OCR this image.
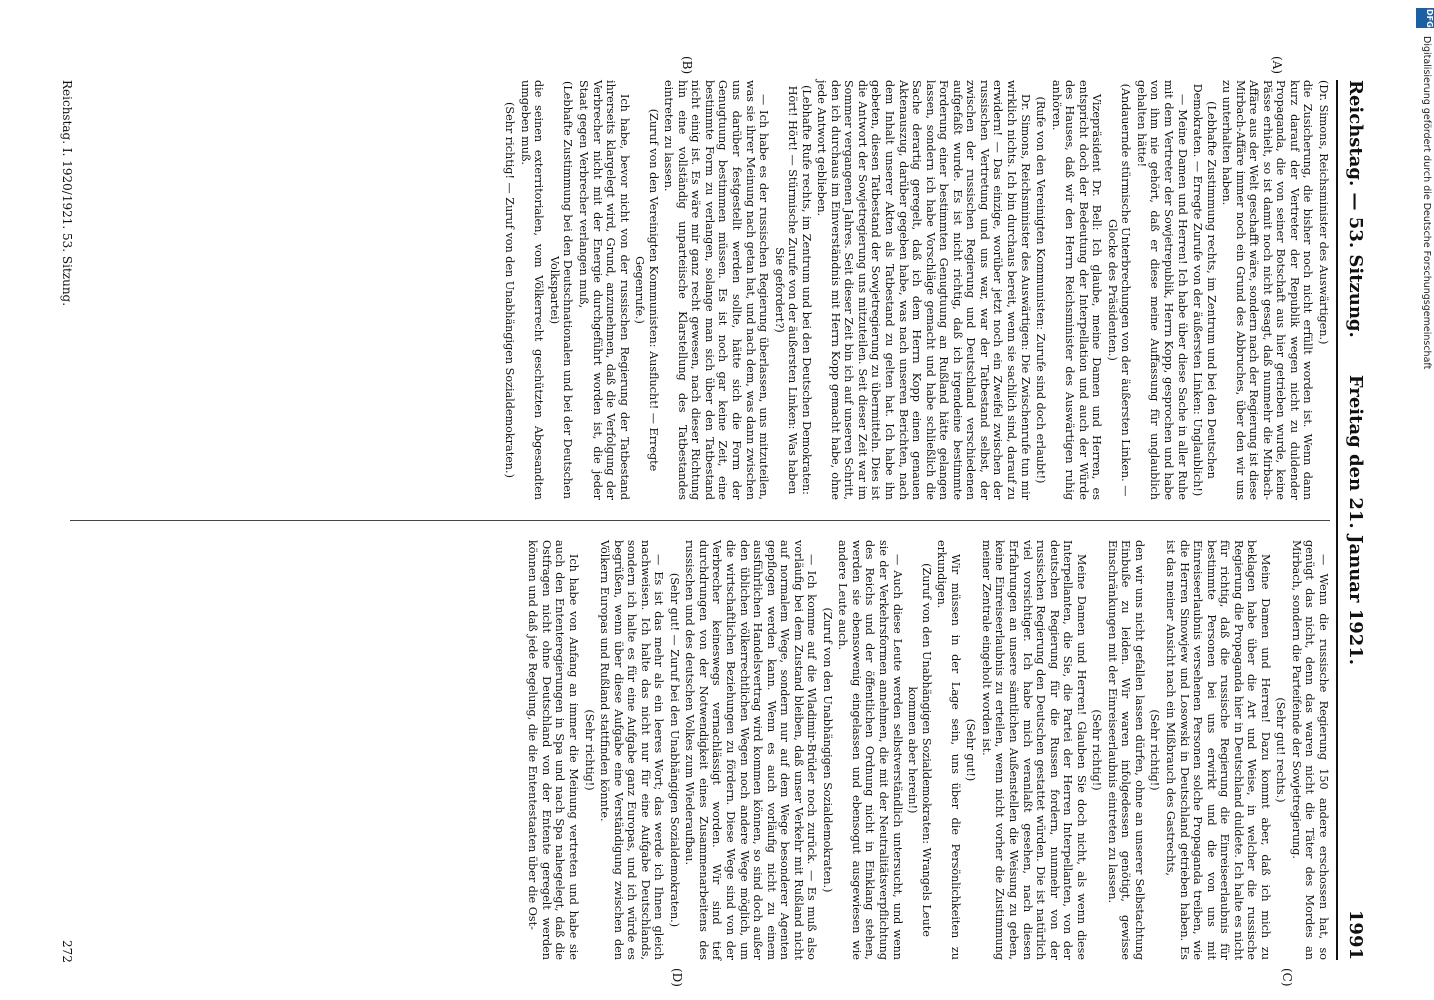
Reichstag. — 53. Sitzung.
Freitag den 21. Januar 1921.
1991
(A)
(B)
(C)
(D)

(Dr. Simons, Reichsminister des Auswärtigen.)

die Zusicherung, die bisher noch nicht erfüllt worden ist. Wenn dann kurz darauf der Vertreter der Republik wegen nicht zu duldender Propaganda, die von seiner Botschaft aus hier getrieben wurde, keine Pässe erhielt, so ist damit noch nicht gesagt, daß nunmehr die Mirbach-Affäre aus der Welt geschafft wäre, sondern nach der Regierung ist diese Mirbach-Affäre immer noch ein Grund des Abbruches, über den wir uns zu unterhalten haben.

(Lebhafte Zustimmung rechts, im Zentrum und bei den Deutschen Demokraten. — Erregte Zurufe von der äußersten Linken: Unglaublich!)

— Meine Damen und Herren! Ich habe über diese Sache in aller Ruhe mit dem Vertreter der Sowjetrepublik, Herrn Kopp, gesprochen und habe von ihm nie gehört, daß er diese meine Auffassung für unglaublich gehalten hätte!

(Andauernde stürmische Unterbrechungen von der äußersten Linken. — Glocke des Präsidenten.)

Vizepräsident Dr. Bell: Ich glaube, meine Damen und Herren, es entspricht doch der Bedeutung der Interpellation und auch der Würde des Hauses, daß wir den Herrn Reichsminister des Auswärtigen ruhig anhören.

(Rufe von den Vereinigten Kommunisten: Zurufe sind doch erlaubt!)

Dr. Simons, Reichsminister des Auswärtigen: Die Zwischenrufe tun mir wirklich nichts. Ich bin durchaus bereit, wenn sie sachlich sind, darauf zu erwidern! — Das einzige, worüber jetzt noch ein Zweifel zwischen der russischen Vertretung und uns war, war der Tatbestand selbst, der zwischen der russischen Regierung und Deutschland verschiedenen aufgefaßt wurde. Es ist nicht richtig, daß ich irgendeine bestimmte Forderung einer bestimmten Genugtuung an Rußland hätte gelangen lassen, sondern ich habe Vorschläge gemacht und habe schließlich die Sache derartig geregelt, daß ich dem Herrn Kopp einen genauen Aktenauszug, darüber gegeben habe, was nach unseren Berichten, nach dem Inhalt unserer Akten als Tatbestand zu gelten hat. Ich habe ihn gebeten, diesen Tatbestand der Sowjetregierung zu übermitteln. Dies ist die Antwort der Sowjetregierung uns mitzuteilen. Seit dieser Zeit war im Sommer vergangenen Jahres. Seit dieser Zeit bin ich auf unseren Schritt, den ich durchaus im Einverständnis mit Herrn Kopp gemacht habe, ohne jede Antwort geblieben.

(Lebhafte Rufe rechts, im Zentrum und bei den Deutschen Demokraten: Hört! Hört! — Stürmische Zurufe von der äußersten Linken: Was haben Sie gefordert?)

— Ich habe es der russischen Regierung überlassen, uns mitzuteilen, was sie ihrer Meinung nach getan hat, und nach dem, was dann zwischen uns darüber festgestellt werden sollte, hätte sich die Form der Genugtuung bestimmen müssen. Es ist noch gar keine Zeit, eine bestimmte Form zu verlangen, solange man sich über den Tatbestand nicht einig ist. Es wäre mir ganz recht gewesen, nach dieser Richtung hin eine vollständig unparteiische Klarstellung des Tatbestandes eintreten zu lassen.

(Zuruf von den Vereinigten Kommunisten: Ausflucht! — Erregte Gegenrufe.)

Ich habe, bevor nicht von der russischen Regierung der Tatbestand ihrerseits klargelegt wird, Grund, anzunehmen, daß die Verfolgung der Verbrecher nicht mit der Energie durchgeführt worden ist, die jeder Staat gegen Verbrecher verlangen muß,

(Lebhafte Zustimmung bei den Deutschnationalen und bei der Deutschen Volkspartei)

die seinen exterritorialen, vom Völkerrecht geschützten Abgesandten umgeben muß.

(Sehr richtig! — Zuruf von den Unabhängigen Sozialdemokraten.)

— Wenn die russische Regierung 150 andere erschossen hat, so genügt das nicht, denn das waren nicht die Täter des Mordes an Mirbach, sondern die Parteifeinde der Sowjetregierung.

(Sehr gut! rechts.)

Meine Damen und Herren! Dazu kommt aber, daß ich mich zu beklagen habe über die Art und Weise, in welcher die russische Regierung die Propaganda hier in Deutschland duldete. Ich halte es nicht für richtig, daß die russische Regierung die Einreiseerlaubnis für bestimmte Personen bei uns erwirkt und die von uns mit Einreiseerlaubnis versehenen Personen solche Propaganda treiben, wie die Herren Sinowjew und Losowski in Deutschland getrieben haben. Es ist das meiner Ansicht nach ein Mißbrauch des Gastrechts,

(Sehr richtig!)

den wir uns nicht gefallen lassen dürfen, ohne an unserer Selbstachtung Einbuße zu leiden. Wir waren infolgedessen genötigt, gewisse Einschränkungen mit der Einreiseerlaubnis eintreten zu lassen.

(Sehr richtig!)

Meine Damen und Herren! Glauben Sie doch nicht, als wenn diese Interpellanten, die Sie, die Partei der Herren Interpellanten, von der deutschen Regierung für die Russen fordern, nunmehr von der russischen Regierung den Deutschen gestattet würden. Die ist natürlich viel vorsichtiger. Ich habe mich veranlaßt gesehen, nach diesen Erfahrungen an unsere sämtlichen Außenstellen die Weisung zu geben, keine Einreiseerlaubnis zu erteilen, wenn nicht vorher die Zustimmung meiner Zentrale eingeholt worden ist.

(Sehr gut!)

Wir müssen in der Lage sein, uns über die Persönlichkeiten zu erkundigen.

(Zuruf von den Unabhängigen Sozialdemokraten: Wrangels Leute kommen aber herein!)

— Auch diese Leute werden selbstverständlich untersucht, und wenn sie der Verkehrsformen annehmen, die mit der Neutralitätsverpflichtung des Reichs und der öffentlichen Ordnung nicht in Einklang stehen, werden sie ebensowenig eingelassen und ebensogut ausgewiesen wie andere Leute auch.

(Zuruf von den Unabhängigen Sozialdemokraten.)

— Ich komme auf die Wladimir-Brüder noch zurück. — Es muß also vorläufig bei dem Zustand bleiben, daß unser Verkehr mit Rußland nicht auf normalem Wege, sondern nur auf dem Wege besonderer Agenten gepflogen werden kann. Wenn es auch vorläufig nicht zu einem ausführlichen Handelsvertrag wird kommen können, so sind doch außer den üblichen völkerrechtlichen Wegen noch andere Wege möglich, um die wirtschaftlichen Beziehungen zu fördern. Diese Wege sind von der Verbrecher keineswegs vernachlässigt worden. Wir sind tief durchdrungen von der Notwendigkeit eines Zusammenarbeitens des russischen und des deutschen Volkes zum Wiederaufbau.

(Sehr gut! — Zuruf bei den Unabhängigen Sozialdemokraten.)

— Es ist das mehr als ein leeres Wort; das werde ich Ihnen gleich nachweisen. Ich halte das nicht nur für eine Aufgabe Deutschlands, sondern ich halte es für eine Aufgabe ganz Europas, und ich würde es begrüßen, wenn über diese Aufgabe eine Verständigung zwischen den Völkern Europas und Rußland stattfinden könnte.

(Sehr richtig!)

Ich habe von Anfang an immer die Meinung vertreten und habe sie auch den Ententeregierungen in Spa und nach Spa nahegelegt, daß die Ostfragen nicht ohne Deutschland von der Entente geregelt werden können und daß jede Regelung, die die Ententestaaten über die Ost-

Reichstag. I. 1920/1921. 53. Sitzung.
272
DFG
Digitalisierung gefördert durch die Deutsche Forschungsgemeinschaft
